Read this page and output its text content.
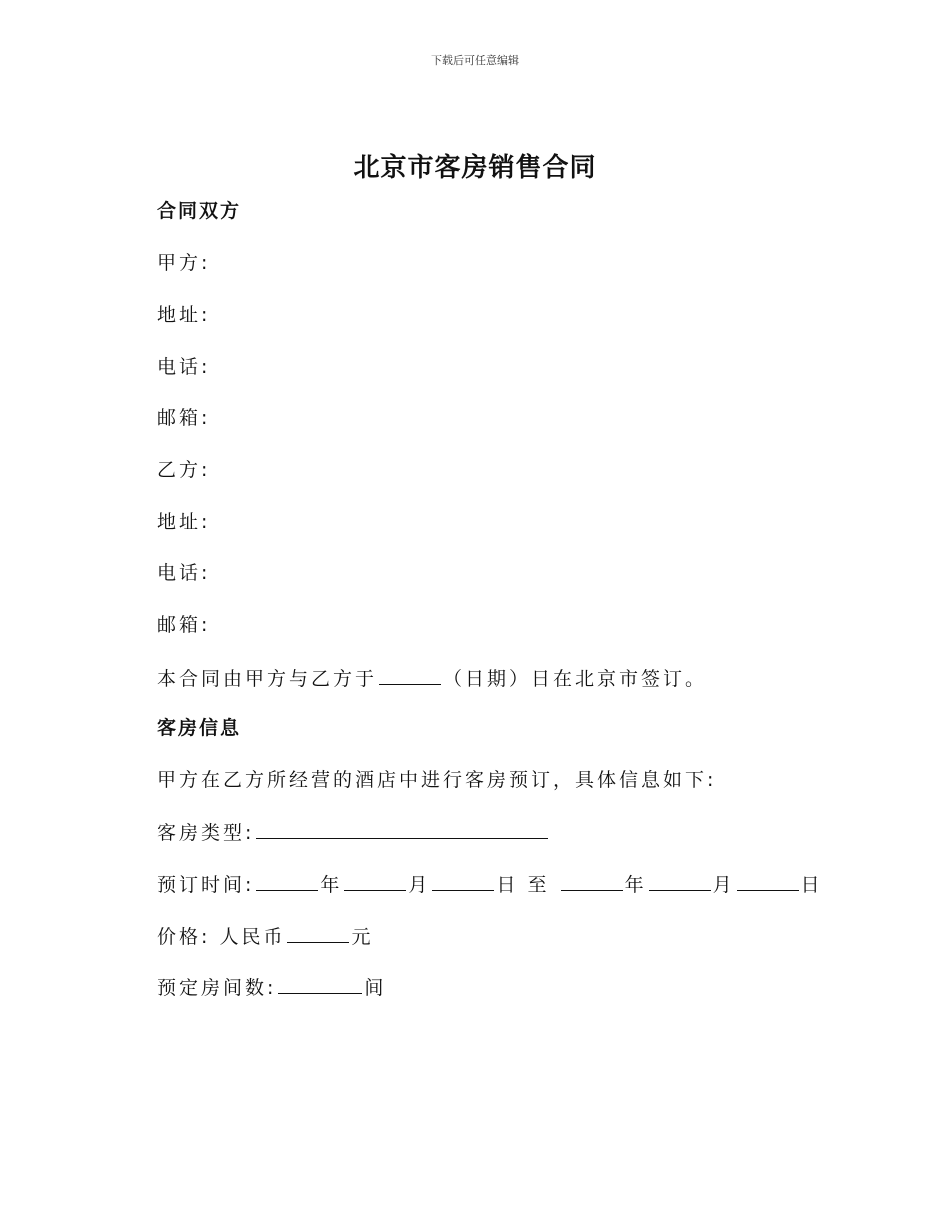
下载后可任意编辑
北京市客房销售合同
合同双方
甲方:
地址:
电话:
邮箱:
乙方:
地址:
电话:
邮箱:
本合同由甲方与乙方于	（日期）日在北京市签订。
客房信息
甲方在乙方所经营的酒店中进行客房预订，具体信息如下:
客房类型:
预订时间:	年	月	日 至	年	月	日
价格: 人民币	元
预定房间数:	间
